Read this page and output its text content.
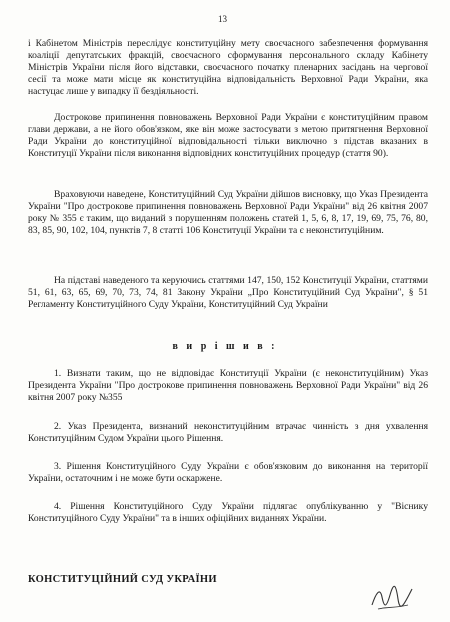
13

і Кабінетом Міністрів переслідує конституційну мету своєчасного забезпечення формування коаліції депутатських фракцій, своєчасного сформування персонального складу Кабінету Міністрів України після його відставки, своєчасного початку пленарних засідань на чергової сесії та може мати місце як конституційна відповідальність Верховної Ради України, яка настуцає лише у випадку її бездіяльності.

Дострокове припинення повноважень Верховної Ради України є конституційним правом глави держави, а не його обов'язком, яке він може застосувати з метою притягнення Верховної Ради України до конституційної відповідальності тільки виключно з підстав вказаних в Конституції України після виконання відповідних конституційних процедур (стаття 90).

Враховуючи наведене, Конституційний Суд України дійшов висновку, що Указ Президента України "Про дострокове припинення повноважень Верховної Ради України" від 26 квітня 2007 року № 355 є таким, що виданий з порушенням положень статей 1, 5, 6, 8, 17, 19, 69, 75, 76, 80, 83, 85, 90, 102, 104, пунктів 7, 8 статті 106 Конституції України та є неконституційним.

На підставі наведеного та керуючись статтями 147, 150, 152 Конституції України, статтями 51, 61, 63, 65, 69, 70, 73, 74, 81 Закону України „Про Конституційний Суд України", § 51 Регламенту Конституційного Суду України, Конституційний Суд України

в и р і ш и в :

1. Визнати таким, що не відповідає Конституції України (є неконституційним) Указ Президента України "Про дострокове припинення повноважень Верховної Ради України" від 26 квітня 2007 року №355

2. Указ Президента, визнаний неконституційним втрачає чинність з дня ухвалення Конституційним Судом України цього Рішення.

3. Рішення Конституційного Суду України є обов'язковим до виконання на території України, остаточним і не може бути оскаржене.

4. Рішення Конституційного Суду України підлягає опублікуванню у "Віснику Конституційного Суду України" та в інших офіційних виданнях України.

КОНСТИТУЦІЙНИЙ СУД УКРАЇНИ
